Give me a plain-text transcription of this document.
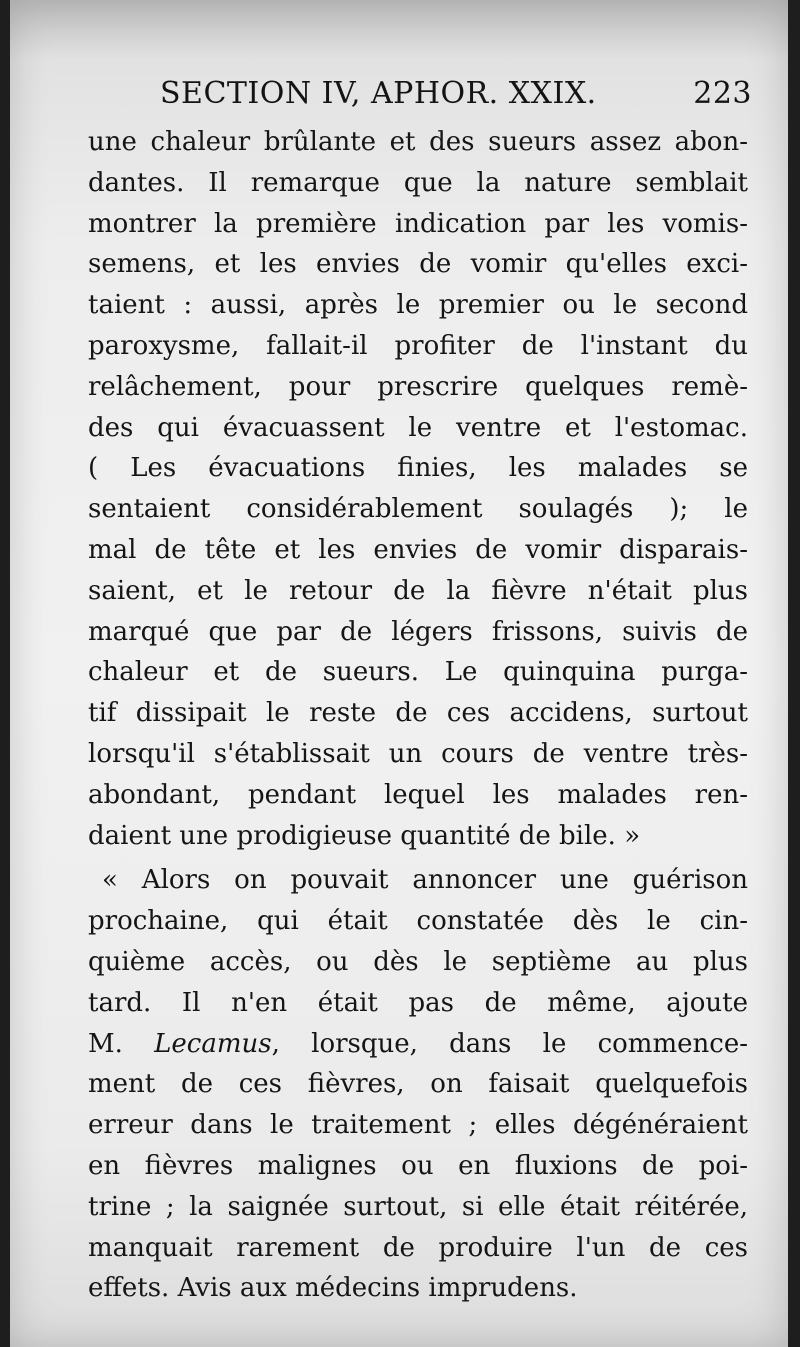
SECTION IV, APHOR. XXIX.	223
une chaleur brûlante et des sueurs assez abon-
dantes. Il remarque que la nature semblait
montrer la première indication par les vomis-
semens, et les envies de vomir qu'elles exci-
taient : aussi, après le premier ou le second
paroxysme, fallait-il profiter de l'instant du
relâchement, pour prescrire quelques remè-
des qui évacuassent le ventre et l'estomac.
( Les évacuations finies, les malades se
sentaient considérablement soulagés ); le
mal de tête et les envies de vomir disparais-
saient, et le retour de la fièvre n'était plus
marqué que par de légers frissons, suivis de
chaleur et de sueurs. Le quinquina purga-
tif dissipait le reste de ces accidens, surtout
lorsqu'il s'établissait un cours de ventre très-
abondant, pendant lequel les malades ren-
daient une prodigieuse quantité de bile. »
« Alors on pouvait annoncer une guérison
prochaine, qui était constatée dès le cin-
quième accès, ou dès le septième au plus
tard. Il n'en était pas de même, ajoute
M. Lecamus, lorsque, dans le commence-
ment de ces fièvres, on faisait quelquefois
erreur dans le traitement ; elles dégénéraient
en fièvres malignes ou en fluxions de poi-
trine ; la saignée surtout, si elle était réitérée,
manquait rarement de produire l'un de ces
effets. Avis aux médecins imprudens.
